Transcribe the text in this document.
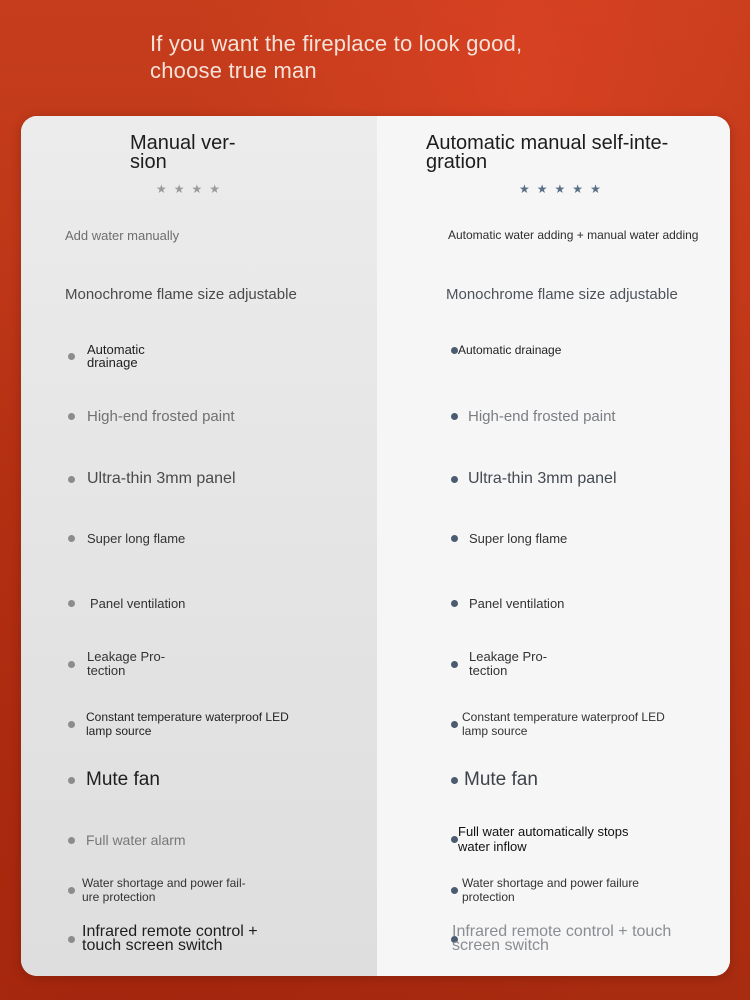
If you want the fireplace to look good,
choose true man
Manual ver-
sion
★ ★ ★ ★
Add water manually
Monochrome flame size adjustable
Automatic drainage
High-end frosted paint
Ultra-thin 3mm panel
Super long flame
Panel ventilation
Leakage Pro-tection
Constant temperature waterproof LED lamp source
Mute fan
Full water alarm
Water shortage and power fail-ure protection
Infrared remote control + touch screen switch
Automatic manual self-inte-gration
★ ★ ★ ★ ★
Automatic water adding + manual water adding
Monochrome flame size adjustable
Automatic drainage
High-end frosted paint
Ultra-thin 3mm panel
Super long flame
Panel ventilation
Leakage Pro-tection
Constant temperature waterproof LED lamp source
Mute fan
Full water automatically stops water inflow
Water shortage and power failure protection
Infrared remote control + touch screen switch
